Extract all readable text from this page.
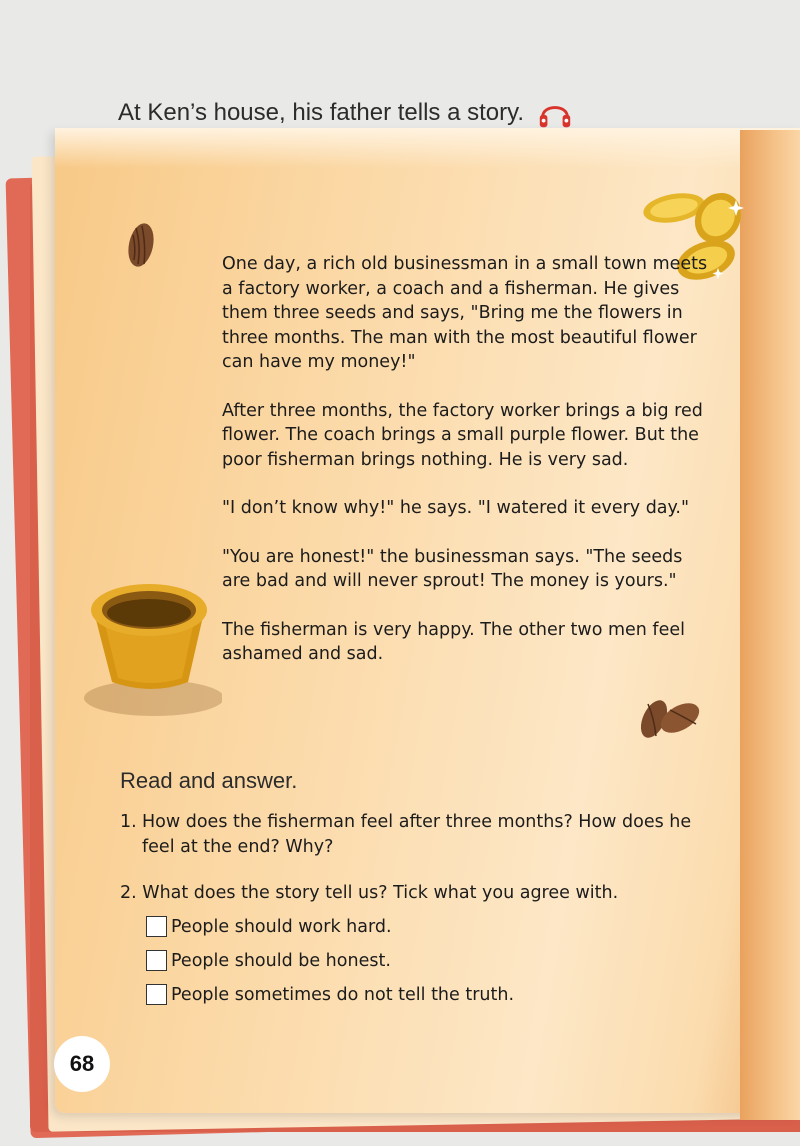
At Ken’s house, his father tells a story.

One day, a rich old businessman in a small town meets a factory worker, a coach and a fisherman. He gives them three seeds and says, "Bring me the flowers in three months. The man with the most beautiful flower can have my money!"

After three months, the factory worker brings a big red flower. The coach brings a small purple flower. But the poor fisherman brings nothing. He is very sad.

"I don’t know why!" he says. "I watered it every day."

"You are honest!" the businessman says. "The seeds are bad and will never sprout! The money is yours."

The fisherman is very happy. The other two men feel ashamed and sad.

Read and answer.
1. How does the fisherman feel after three months? How does he feel at the end? Why?
2. What does the story tell us? Tick what you agree with.
People should work hard.
People should be honest.
People sometimes do not tell the truth.
68
